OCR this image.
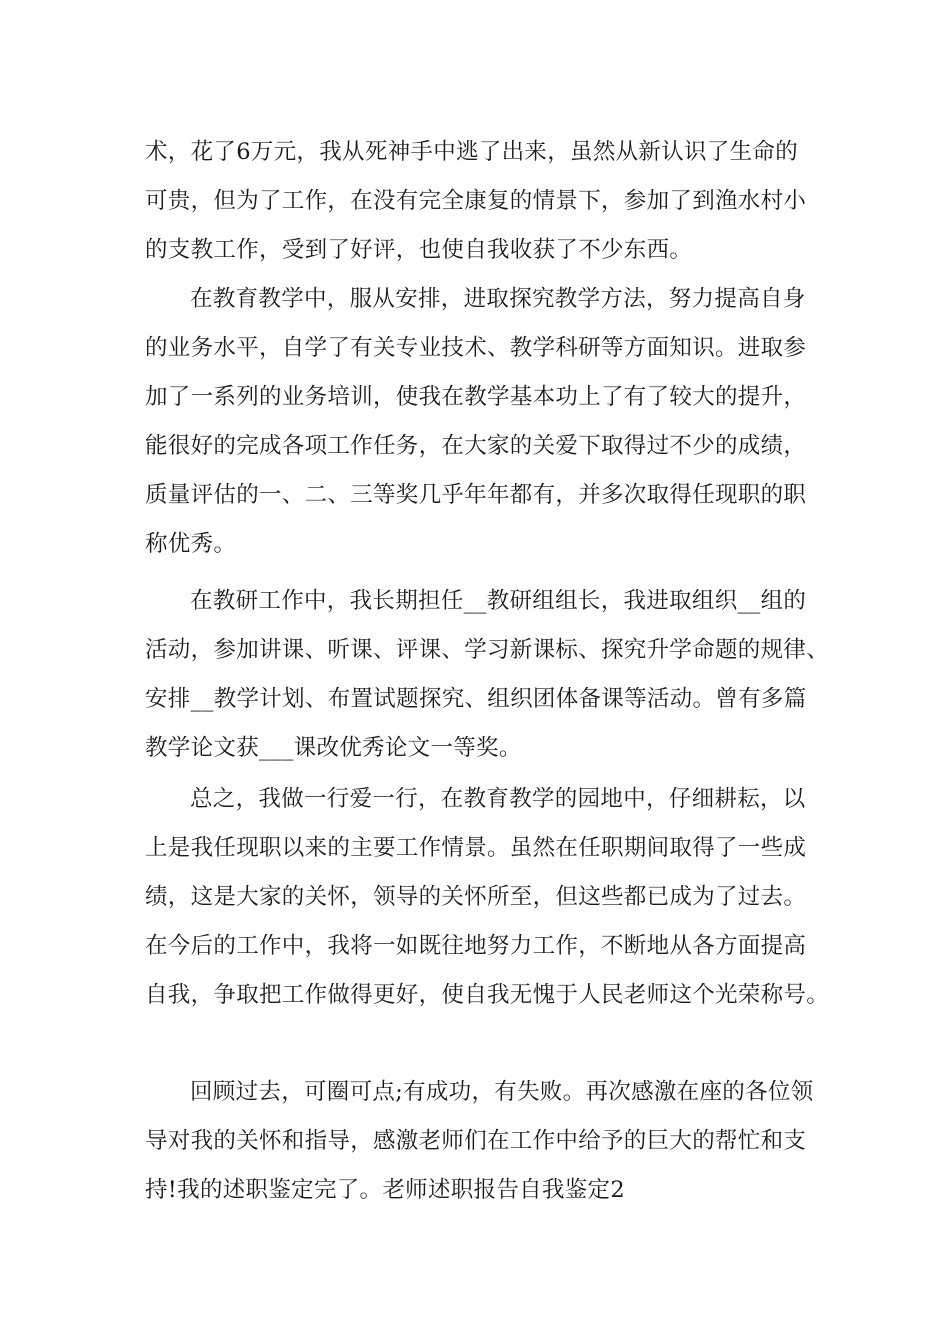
术，花了6万元，我从死神手中逃了出来，虽然从新认识了生命的

可贵，但为了工作，在没有完全康复的情景下，参加了到渔水村小

的支教工作，受到了好评，也使自我收获了不少东西。

在教育教学中，服从安排，进取探究教学方法，努力提高自身

的业务水平，自学了有关专业技术、教学科研等方面知识。进取参

加了一系列的业务培训，使我在教学基本功上了有了较大的提升，

能很好的完成各项工作任务，在大家的关爱下取得过不少的成绩，

质量评估的一、二、三等奖几乎年年都有，并多次取得任现职的职

称优秀。

在教研工作中，我长期担任__教研组组长，我进取组织__组的

活动，参加讲课、听课、评课、学习新课标、探究升学命题的规律、

安排__教学计划、布置试题探究、组织团体备课等活动。曾有多篇

教学论文获___课改优秀论文一等奖。

总之，我做一行爱一行，在教育教学的园地中，仔细耕耘，以

上是我任现职以来的主要工作情景。虽然在任职期间取得了一些成

绩，这是大家的关怀，领导的关怀所至，但这些都已成为了过去。

在今后的工作中，我将一如既往地努力工作，不断地从各方面提高

自我，争取把工作做得更好，使自我无愧于人民老师这个光荣称号。

回顾过去，可圈可点;有成功，有失败。再次感激在座的各位领

导对我的关怀和指导，感激老师们在工作中给予的巨大的帮忙和支

持!我的述职鉴定完了。老师述职报告自我鉴定2
